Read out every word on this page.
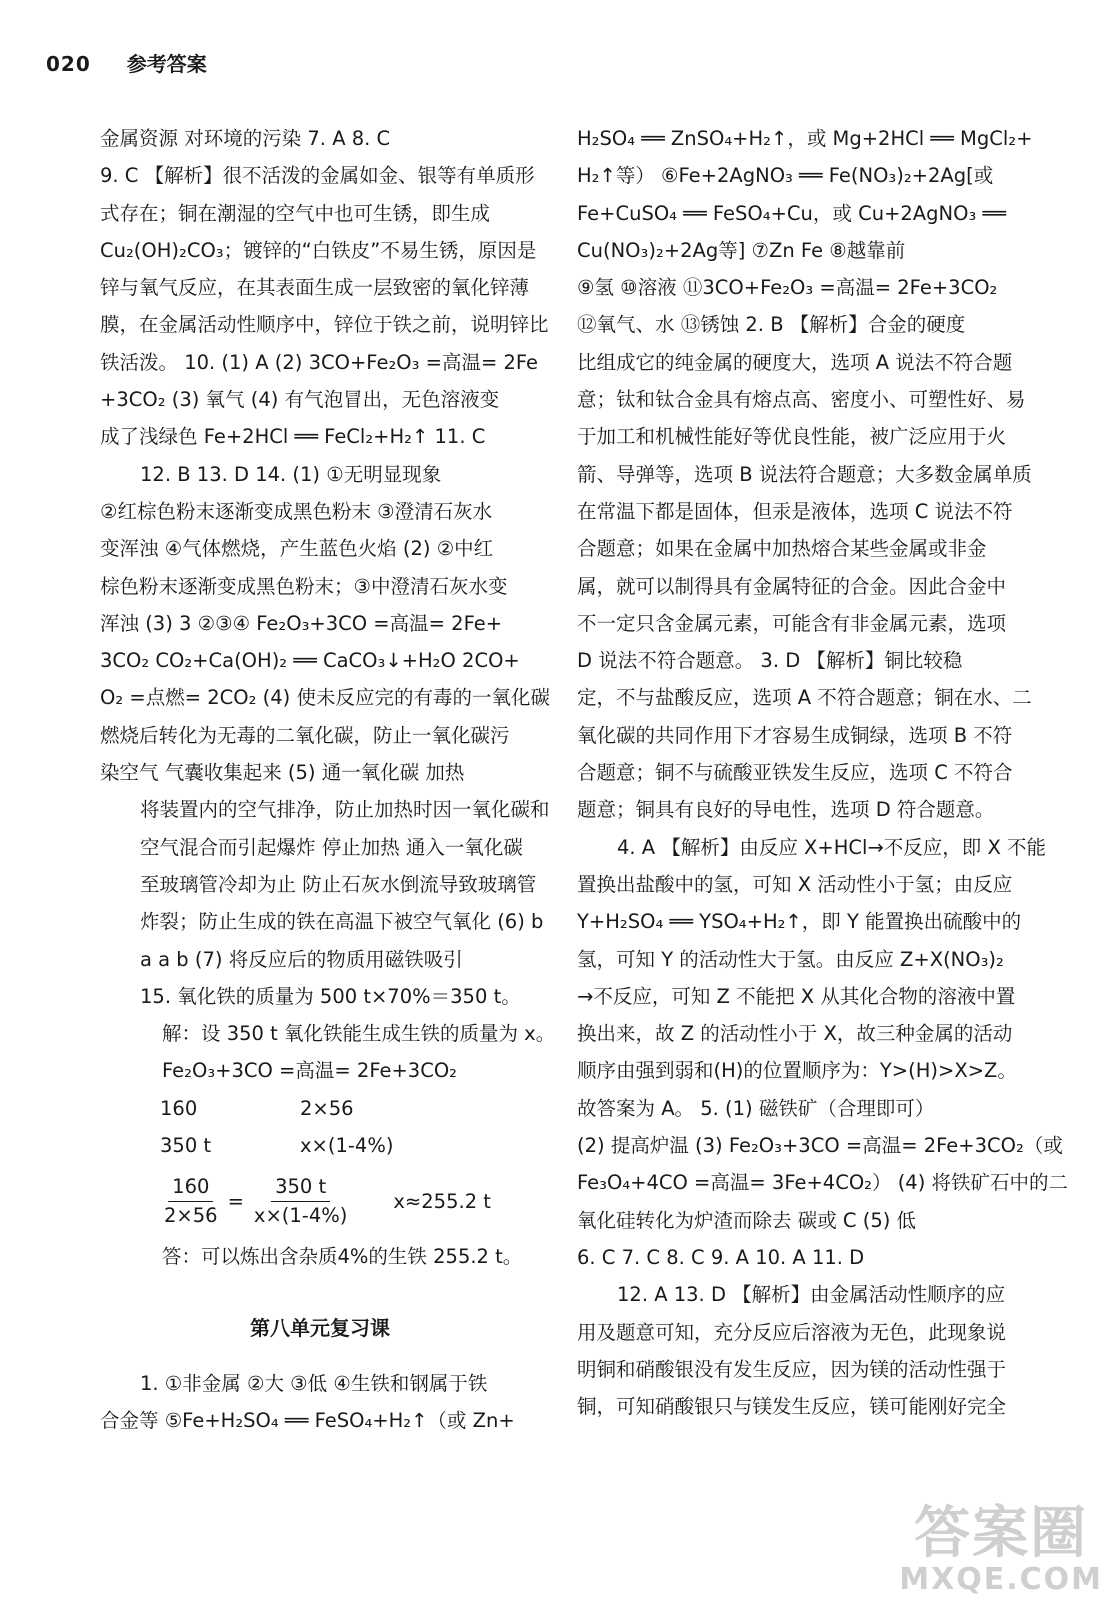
020 参考答案
金属资源 对环境的污染 7. A 8. C
9. C 【解析】很不活泼的金属如金、银等有单质形
式存在；铜在潮湿的空气中也可生锈，即生成
Cu₂(OH)₂CO₃；镀锌的“白铁皮”不易生锈，原因是
锌与氧气反应，在其表面生成一层致密的氧化锌薄
膜，在金属活动性顺序中，锌位于铁之前，说明锌比
铁活泼。 10. (1) A (2) 3CO+Fe₂O₃ =高温= 2Fe
+3CO₂ (3) 氧气 (4) 有气泡冒出，无色溶液变
成了浅绿色 Fe+2HCl ══ FeCl₂+H₂↑ 11. C
12. B 13. D 14. (1) ①无明显现象
②红棕色粉末逐渐变成黑色粉末 ③澄清石灰水
变浑浊 ④气体燃烧，产生蓝色火焰 (2) ②中红
棕色粉末逐渐变成黑色粉末；③中澄清石灰水变
浑浊 (3) 3 ②③④ Fe₂O₃+3CO =高温= 2Fe+
3CO₂ CO₂+Ca(OH)₂ ══ CaCO₃↓+H₂O 2CO+
O₂ =点燃= 2CO₂ (4) 使未反应完的有毒的一氧化碳
燃烧后转化为无毒的二氧化碳，防止一氧化碳污
染空气 气囊收集起来 (5) 通一氧化碳 加热
将装置内的空气排净，防止加热时因一氧化碳和
空气混合而引起爆炸 停止加热 通入一氧化碳
至玻璃管冷却为止 防止石灰水倒流导致玻璃管
炸裂；防止生成的铁在高温下被空气氧化 (6) b
a a b (7) 将反应后的物质用磁铁吸引
15. 氧化铁的质量为 500 t×70%＝350 t。
解：设 350 t 氧化铁能生成生铁的质量为 x。
Fe₂O₃+3CO =高温= 2Fe+3CO₂
160	2×56
350 t	x×(1-4%)
$\frac{160}{2\times 56} = \frac{350 t}{x\times(1-4\%)} x\approx 255.2$ t
答：可以炼出含杂质4%的生铁 255.2 t。
第八单元复习课
1. ①非金属 ②大 ③低 ④生铁和钢属于铁
合金等 ⑤Fe+H₂SO₄ ══ FeSO₄+H₂↑（或 Zn+
H₂SO₄ ══ ZnSO₄+H₂↑，或 Mg+2HCl ══ MgCl₂+
H₂↑等） ⑥Fe+2AgNO₃ ══ Fe(NO₃)₂+2Ag[或
Fe+CuSO₄ ══ FeSO₄+Cu，或 Cu+2AgNO₃ ══
Cu(NO₃)₂+2Ag等] ⑦Zn Fe ⑧越靠前
⑨氢 ⑩溶液 ⑪3CO+Fe₂O₃ =高温= 2Fe+3CO₂
⑫氧气、水 ⑬锈蚀 2. B 【解析】合金的硬度
比组成它的纯金属的硬度大，选项 A 说法不符合题
意；钛和钛合金具有熔点高、密度小、可塑性好、易
于加工和机械性能好等优良性能，被广泛应用于火
箭、导弹等，选项 B 说法符合题意；大多数金属单质
在常温下都是固体，但汞是液体，选项 C 说法不符
合题意；如果在金属中加热熔合某些金属或非金
属，就可以制得具有金属特征的合金。因此合金中
不一定只含金属元素，可能含有非金属元素，选项
D 说法不符合题意。 3. D 【解析】铜比较稳
定，不与盐酸反应，选项 A 不符合题意；铜在水、二
氧化碳的共同作用下才容易生成铜绿，选项 B 不符
合题意；铜不与硫酸亚铁发生反应，选项 C 不符合
题意；铜具有良好的导电性，选项 D 符合题意。
4. A 【解析】由反应 X+HCl→不反应，即 X 不能
置换出盐酸中的氢，可知 X 活动性小于氢；由反应
Y+H₂SO₄ ══ YSO₄+H₂↑，即 Y 能置换出硫酸中的
氢，可知 Y 的活动性大于氢。由反应 Z+X(NO₃)₂
→不反应，可知 Z 不能把 X 从其化合物的溶液中置
换出来，故 Z 的活动性小于 X，故三种金属的活动
顺序由强到弱和(H)的位置顺序为：Y>(H)>X>Z。
故答案为 A。 5. (1) 磁铁矿（合理即可）
(2) 提高炉温 (3) Fe₂O₃+3CO =高温= 2Fe+3CO₂（或
Fe₃O₄+4CO =高温= 3Fe+4CO₂） (4) 将铁矿石中的二
氧化硅转化为炉渣而除去 碳或 C (5) 低
6. C 7. C 8. C 9. A 10. A 11. D
12. A 13. D 【解析】由金属活动性顺序的应
用及题意可知，充分反应后溶液为无色，此现象说
明铜和硝酸银没有发生反应，因为镁的活动性强于
铜，可知硝酸银只与镁发生反应，镁可能刚好完全
答案圈
MXQE.COM
